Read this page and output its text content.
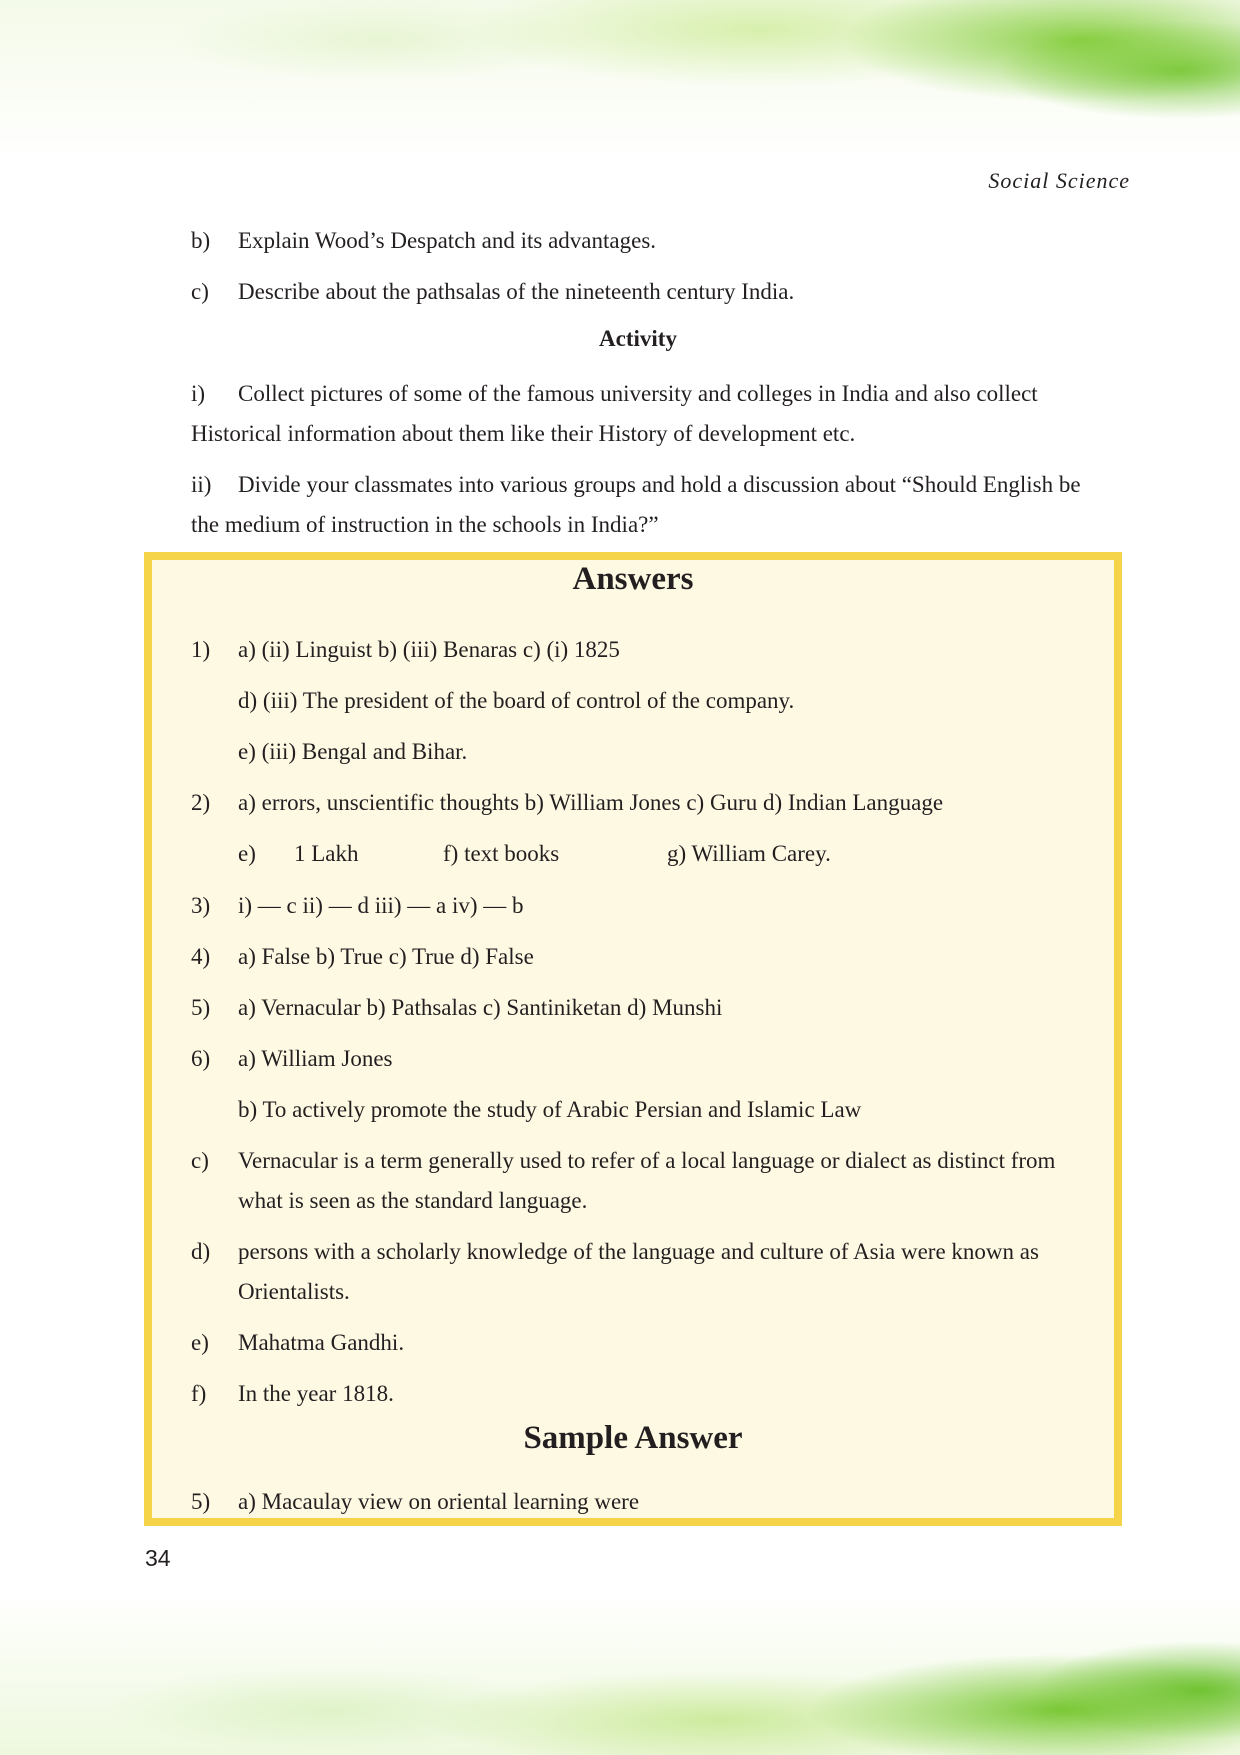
Social Science
b) Explain Wood’s Despatch and its advantages.
c) Describe about the pathsalas of the nineteenth century India.
Activity
i) Collect pictures of some of the famous university and colleges in India and also collect
Historical information about them like their History of development etc.
ii) Divide your classmates into various groups and hold a discussion about “Should English be
the medium of instruction in the schools in India?”
Answers
1) a) (ii) Linguist b) (iii) Benaras c) (i) 1825
d) (iii) The president of the board of control of the company.
e) (iii) Bengal and Bihar.
2) a) errors, unscientific thoughts b) William Jones c) Guru d) Indian Language
e) 1 Lakh	f) text books	g) William Carey.
3) i) — c ii) — d iii) — a iv) — b
4) a) False b) True c) True d) False
5) a) Vernacular b) Pathsalas c) Santiniketan d) Munshi
6) a) William Jones
b) To actively promote the study of Arabic Persian and Islamic Law
c) Vernacular is a term generally used to refer of a local language or dialect as distinct from
what is seen as the standard language.
d) persons with a scholarly knowledge of the language and culture of Asia were known as
Orientalists.
e) Mahatma Gandhi.
f) In the year 1818.
Sample Answer
5) a) Macaulay view on oriental learning were
34
